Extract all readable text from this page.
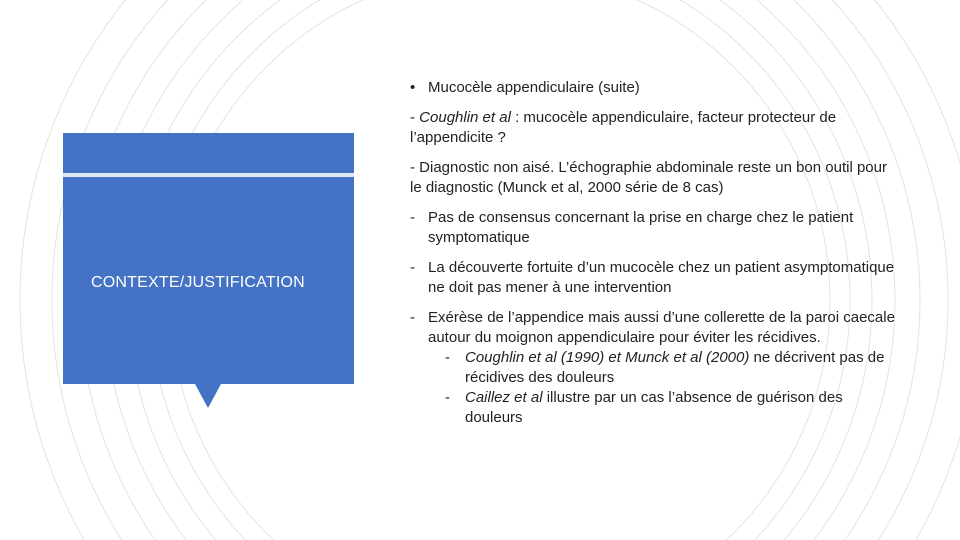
CONTEXTE/JUSTIFICATION
• Mucocèle appendiculaire (suite)
- Coughlin et al : mucocèle appendiculaire, facteur protecteur de l’appendicite ?
- Diagnostic non aisé. L’échographie abdominale reste un bon outil pour le diagnostic (Munck et al, 2000 série de 8 cas)
- Pas de consensus concernant la prise en charge chez le patient symptomatique
- La découverte fortuite d’un mucocèle chez un patient asymptomatique ne doit pas mener à une intervention
- Exérèse de l’appendice mais aussi d’une collerette de la paroi caecale autour du moignon appendiculaire pour éviter les récidives.
-	Coughlin et al (1990) et Munck et al (2000) ne décrivent pas de récidives des douleurs
-	Caillez et al illustre par un cas l’absence de guérison des douleurs
